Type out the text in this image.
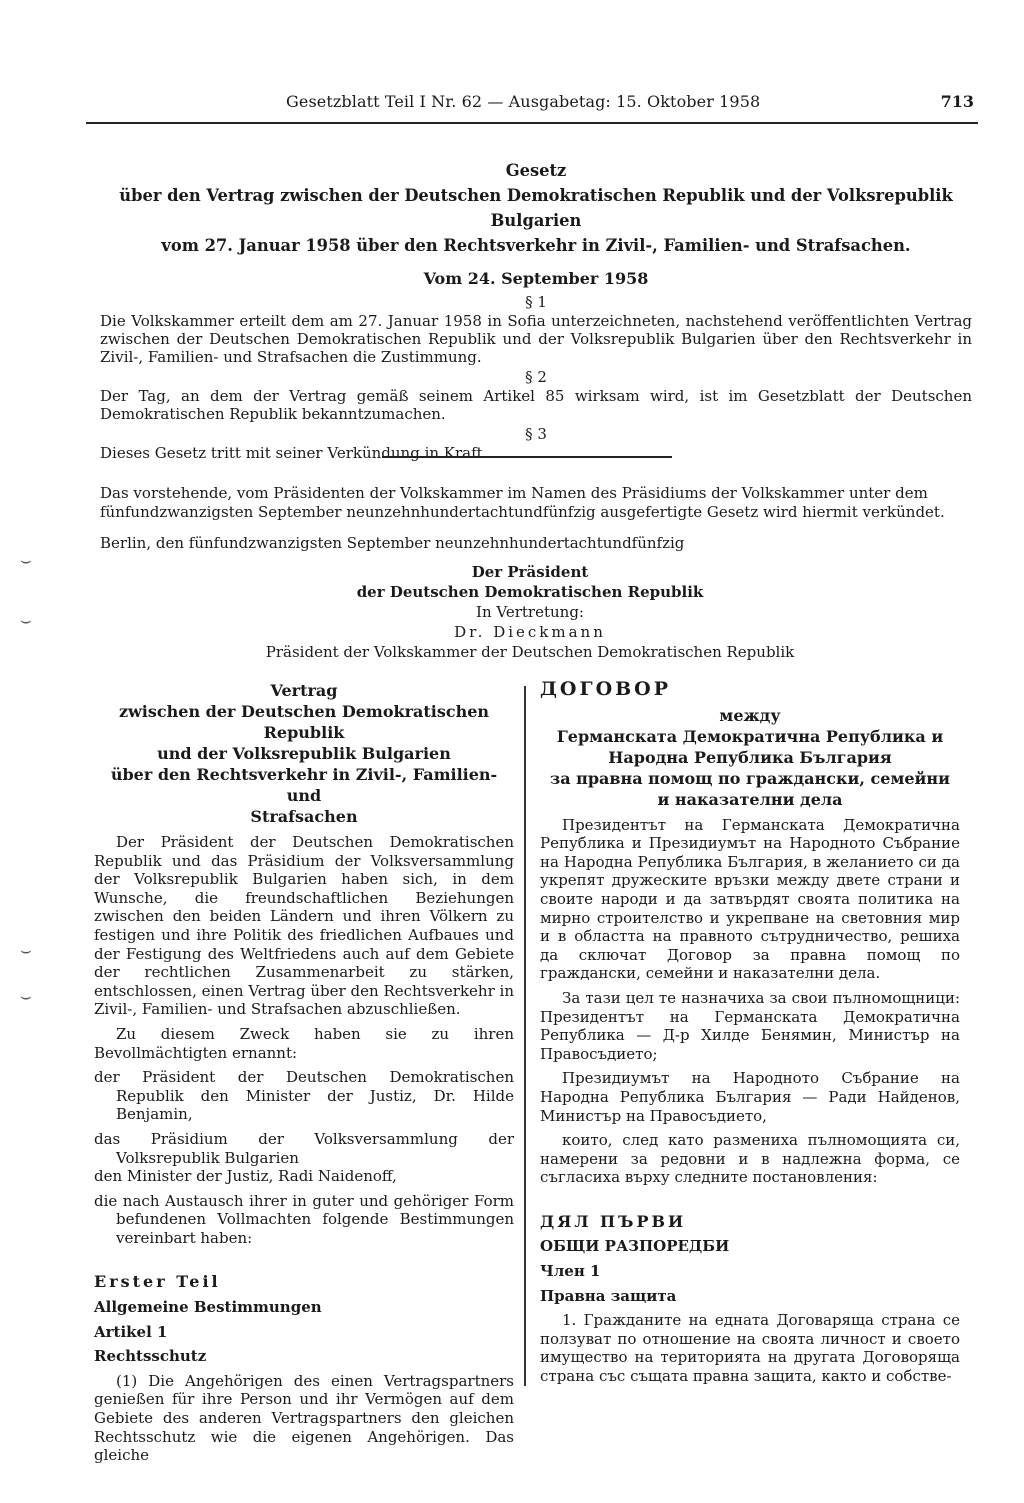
Gesetzblatt Teil I Nr. 62 — Ausgabetag: 15. Oktober 1958	713

Gesetz

über den Vertrag zwischen der Deutschen Demokratischen Republik und der Volksrepublik Bulgarien

vom 27. Januar 1958 über den Rechtsverkehr in Zivil-, Familien- und Strafsachen.

Vom 24. September 1958

§ 1

Die Volkskammer erteilt dem am 27. Januar 1958 in Sofia unterzeichneten, nachstehend veröffentlichten Vertrag zwischen der Deutschen Demokratischen Republik und der Volksrepublik Bulgarien über den Rechtsverkehr in Zivil-, Familien- und Strafsachen die Zustimmung.

§ 2

Der Tag, an dem der Vertrag gemäß seinem Artikel 85 wirksam wird, ist im Gesetzblatt der Deutschen Demokratischen Republik bekanntzumachen.

§ 3

Dieses Gesetz tritt mit seiner Verkündung in Kraft.

Das vorstehende, vom Präsidenten der Volkskammer im Namen des Präsidiums der Volkskammer unter dem fünfundzwanzigsten September neunzehnhundertachtundfünfzig ausgefertigte Gesetz wird hiermit verkündet.

Berlin, den fünfundzwanzigsten September neunzehnhundertachtundfünfzig

Der Präsident
der Deutschen Demokratischen Republik
In Vertretung:
Dr. Dieckmann
Präsident der Volkskammer der Deutschen Demokratischen Republik
⌣
⌣
⌣
⌣
Vertrag
zwischen der Deutschen Demokratischen Republik
und der Volksrepublik Bulgarien
über den Rechtsverkehr in Zivil-, Familien- und
Strafsachen

Der Präsident der Deutschen Demokratischen Republik und das Präsidium der Volksversammlung der Volksrepublik Bulgarien haben sich, in dem Wunsche, die freundschaftlichen Beziehungen zwischen den beiden Ländern und ihren Völkern zu festigen und ihre Politik des friedlichen Aufbaues und der Festigung des Weltfriedens auch auf dem Gebiete der rechtlichen Zusammenarbeit zu stärken, entschlossen, einen Vertrag über den Rechtsverkehr in Zivil-, Familien- und Strafsachen abzuschließen.

Zu diesem Zweck haben sie zu ihren Bevollmächtigten ernannt:

der Präsident der Deutschen Demokratischen Republik den Minister der Justiz, Dr. Hilde Benjamin,

das Präsidium der Volksversammlung der Volksrepublik Bulgarien

den Minister der Justiz, Radi Naidenoff,

die nach Austausch ihrer in guter und gehöriger Form befundenen Vollmachten folgende Bestimmungen vereinbart haben:

Erster Teil

Allgemeine Bestimmungen

Artikel 1

Rechtsschutz

(1) Die Angehörigen des einen Vertragspartners genießen für ihre Person und ihr Vermögen auf dem Gebiete des anderen Vertragspartners den gleichen Rechtsschutz wie die eigenen Angehörigen. Das gleiche

ДОГОВОР

между
Германската Демократична Република и
Народна Република България
за правна помощ по граждански, семейни
и наказателни дела

Президентът на Германската Демократична Република и Президиумът на Народното Събрание на Народна Република България, в желанието си да укрепят дружеските връзки между двете страни и своите народи и да затвърдят своята политика на мирно строителство и укрепване на световния мир и в областта на правното сътрудничество, решиха да сключат Договор за правна помощ по граждански, семейни и наказателни дела.

За тази цел те назначиха за свои пълномощници: Президентът на Германската Демократична Република — Д-р Хилде Бенямин, Министър на Правосъдието;

Президиумът на Народното Събрание на Народна Република България — Ради Найденов, Министър на Правосъдието,

които, след като размениха пълномощията си, намерени за редовни и в надлежна форма, се съгласиха върху следните постановления:

ДЯЛ ПЪРВИ

ОБЩИ РАЗПОРЕДБИ

Член 1

Правна защита

1. Гражданите на едната Договаряща страна се ползуват по отношение на своята личност и своето имущество на територията на другата Договоряща страна със същата правна защита, както и собстве-
